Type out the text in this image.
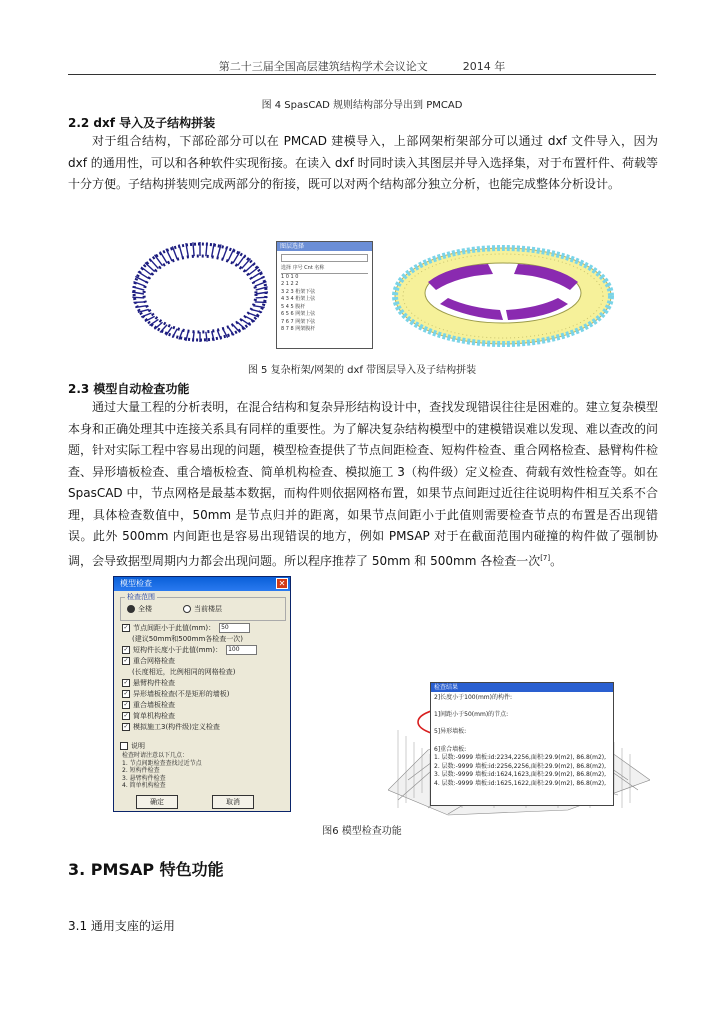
第二十三届全国高层建筑结构学术会议论文	2014 年
图 4 SpasCAD 规则结构部分导出到 PMCAD
2.2 dxf 导入及子结构拼装

对于组合结构，下部砼部分可以在 PMCAD 建模导入，上部网架桁架部分可以通过 dxf 文件导入，因为 dxf 的通用性，可以和各种软件实现衔接。在读入 dxf 时同时读入其图层并导入选择集，对于布置杆件、荷载等十分方便。子结构拼装则完成两部分的衔接，既可以对两个结构部分独立分析，也能完成整体分析设计。

图层选择
选择 序号 Cnt 名称
1 0 1 0
2 1 2 2
3 2 3 桁架下弦
4 3 4 桁架上弦
5 4 5 腹杆
6 5 6 网架上弦
7 6 7 网架下弦
8 7 8 网架腹杆
图 5 复杂桁架/网架的 dxf 带图层导入及子结构拼装
2.3 模型自动检查功能

通过大量工程的分析表明，在混合结构和复杂异形结构设计中，查找发现错误往往是困难的。建立复杂模型本身和正确处理其中连接关系具有同样的重要性。为了解决复杂结构模型中的建模错误难以发现、难以查改的问题，针对实际工程中容易出现的问题，模型检查提供了节点间距检查、短构件检查、重合网格检查、悬臂构件检查、异形墙板检查、重合墙板检查、简单机构检查、模拟施工 3（构件级）定义检查、荷载有效性检查等。如在 SpasCAD 中，节点网格是最基本数据，而构件则依据网格布置，如果节点间距过近往往说明构件相互关系不合理，具体检查数值中，50mm 是节点归并的距离，如果节点间距小于此值则需要检查节点的布置是否出现错误。此外 500mm 内间距也是容易出现错误的地方，例如 PMSAP 对于在截面范围内碰撞的构件做了强制协调，会导致据型周期内力都会出现问题。所以程序推荐了 50mm 和 500mm 各检查一次[7]。

模型检查	✕
检查范围
全楼	当前楼层
✓ 节点间距小于此值(mm)： 50
(建议50mm和500mm各检查一次)
✓ 短构件长度小于此值(mm)： 100
✓ 重合网格检查
(长度相近，比例相同的网格检查)
✓ 悬臂构件检查
✓ 异形墙板检查(不是矩形的墙板)
✓ 重合墙板检查
✓ 简单机构检查
✓ 模拟施工3(构件级)定义检查
说明
检查时请注意以下几点：
1. 节点间距检查查找过近节点
2. 短构件检查
3. 悬臂构件检查
4. 简单机构检查
确定	取消
检查结果
2]长度小于100(mm)的构件:
1]间距小于50(mm)的节点:
5]异形墙板:
6]重合墙板:
1. 层数:-9999 墙板:id:2234,2256,面积:29.9(m2), 86.8(m2),
2. 层数:-9999 墙板:id:2256,2256,面积:29.9(m2), 86.8(m2),
3. 层数:-9999 墙板:id:1624,1623,面积:29.9(m2), 86.8(m2),
4. 层数:-9999 墙板:id:1625,1622,面积:29.9(m2), 86.8(m2),
图6 模型检查功能
3. PMSAP 特色功能
3.1 通用支座的运用
